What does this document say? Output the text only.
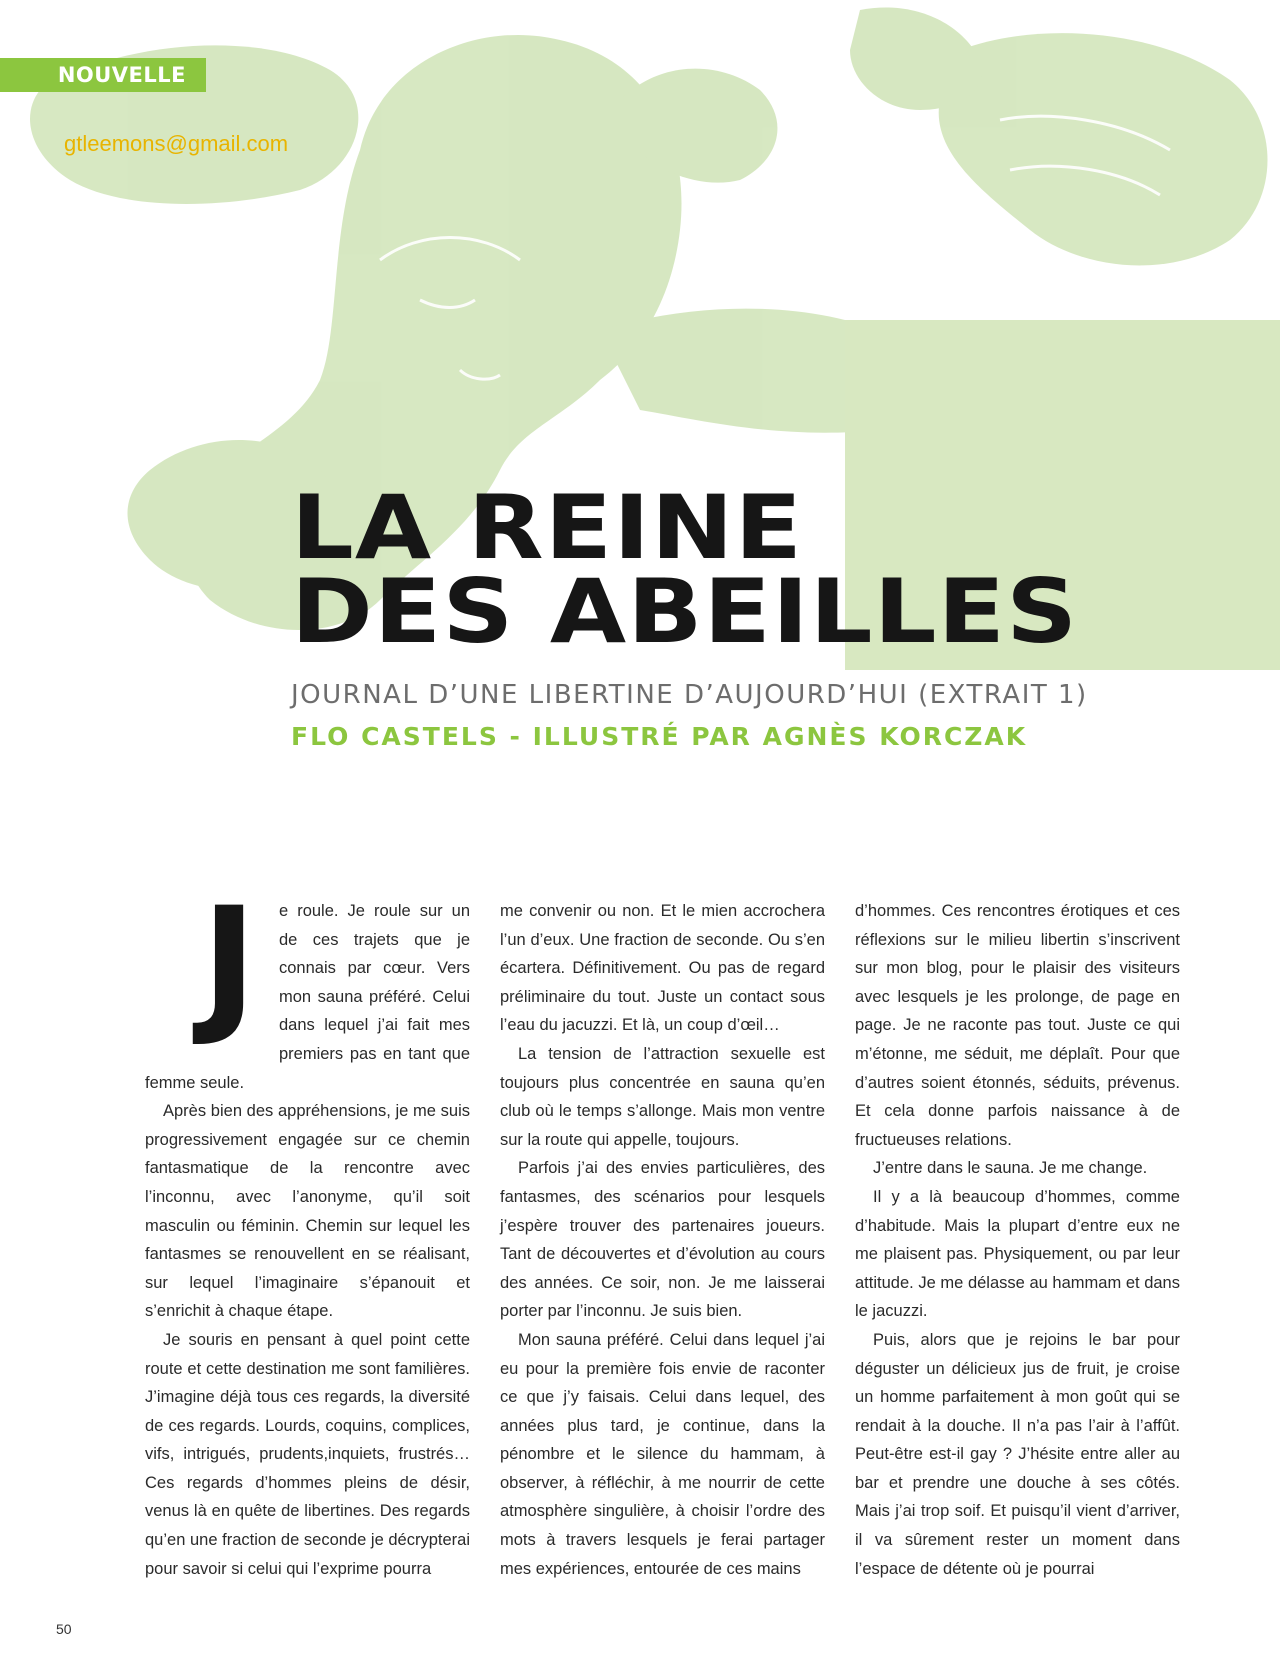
NOUVELLE
gtleemons@gmail.com
LA REINE
DES ABEILLES
JOURNAL D’UNE LIBERTINE D’AUJOURD’HUI (EXTRAIT 1)
FLO CASTELS - ILLUSTRÉ PAR AGNÈS KORCZAK
J	e roule. Je roule sur un de ces trajets que je connais par cœur. Vers mon sauna préféré. Celui dans lequel j’ai fait mes premiers pas en tant que femme seule.

Après bien des appréhensions, je me suis progressivement engagée sur ce chemin fantasmatique de la rencontre avec l’inconnu, avec l’anonyme, qu’il soit masculin ou féminin. Chemin sur lequel les fantasmes se renouvellent en se réalisant, sur lequel l’imaginaire s’épanouit et s’enrichit à chaque étape.

Je souris en pensant à quel point cette route et cette destination me sont familières. J’imagine déjà tous ces regards, la diversité de ces regards. Lourds, coquins, complices, vifs, intrigués, prudents,inquiets, frustrés… Ces regards d’hommes pleins de désir, venus là en quête de libertines. Des regards qu’en une fraction de seconde je décrypterai pour savoir si celui qui l’exprime pourra

me convenir ou non. Et le mien accrochera l’un d’eux. Une fraction de seconde. Ou s’en écartera. Définitivement. Ou pas de regard préliminaire du tout. Juste un contact sous l’eau du jacuzzi. Et là, un coup d’œil…

La tension de l’attraction sexuelle est toujours plus concentrée en sauna qu’en club où le temps s’allonge. Mais mon ventre sur la route qui appelle, toujours.

Parfois j’ai des envies particulières, des fantasmes, des scénarios pour lesquels j’espère trouver des partenaires joueurs. Tant de découvertes et d’évolution au cours des années. Ce soir, non. Je me laisserai porter par l’inconnu. Je suis bien.

Mon sauna préféré. Celui dans lequel j’ai eu pour la première fois envie de raconter ce que j’y faisais. Celui dans lequel, des années plus tard, je continue, dans la pénombre et le silence du hammam, à observer, à réfléchir, à me nourrir de cette atmosphère singulière, à choisir l’ordre des mots à travers lesquels je ferai partager mes expériences, entourée de ces mains

d’hommes. Ces rencontres érotiques et ces réflexions sur le milieu libertin s’inscrivent sur mon blog, pour le plaisir des visiteurs avec lesquels je les prolonge, de page en page. Je ne raconte pas tout. Juste ce qui m’étonne, me séduit, me déplaît. Pour que d’autres soient étonnés, séduits, prévenus. Et cela donne parfois naissance à de fructueuses relations.

J’entre dans le sauna. Je me change.

Il y a là beaucoup d’hommes, comme d’habitude. Mais la plupart d’entre eux ne me plaisent pas. Physiquement, ou par leur attitude. Je me délasse au hammam et dans le jacuzzi.

Puis, alors que je rejoins le bar pour déguster un délicieux jus de fruit, je croise un homme parfaitement à mon goût qui se rendait à la douche. Il n’a pas l’air à l’affût. Peut-être est-il gay ? J’hésite entre aller au bar et prendre une douche à ses côtés. Mais j’ai trop soif. Et puisqu’il vient d’arriver, il va sûrement rester un moment dans l’espace de détente où je pourrai

50
